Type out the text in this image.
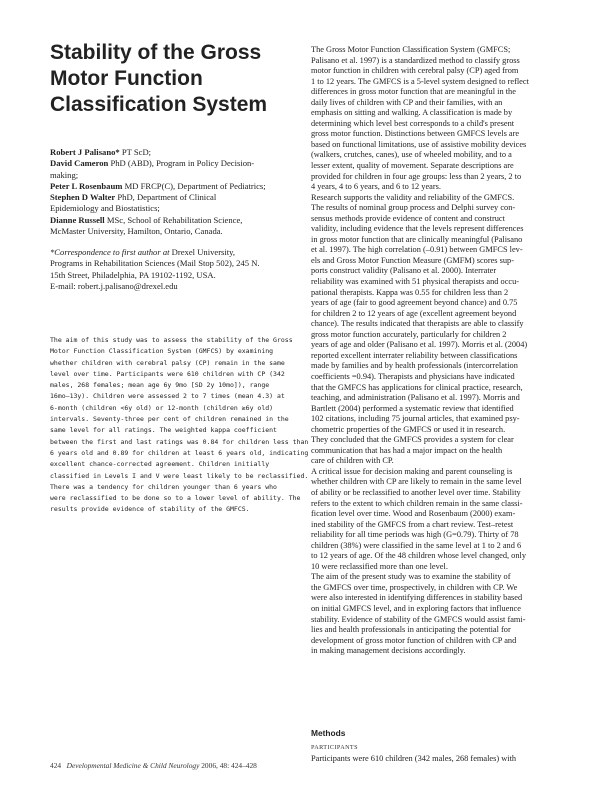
Stability of the Gross
Motor Function
Classification System
Robert J Palisano* PT ScD;
David Cameron PhD (ABD), Program in Policy Decision-
making;
Peter L Rosenbaum MD FRCP(C), Department of Pediatrics;
Stephen D Walter PhD, Department of Clinical
Epidemiology and Biostatistics;
Dianne Russell MSc, School of Rehabilitation Science,
McMaster University, Hamilton, Ontario, Canada.
*Correspondence to first author at Drexel University,
Programs in Rehabilitation Sciences (Mail Stop 502), 245 N.
15th Street, Philadelphia, PA 19102-1192, USA.
E-mail: robert.j.palisano@drexel.edu
The aim of this study was to assess the stability of the Gross
Motor Function Classification System (GMFCS) by examining
whether children with cerebral palsy (CP) remain in the same
level over time. Participants were 610 children with CP (342
males, 268 females; mean age 6y 9mo [SD 2y 10mo]), range
16mo–13y). Children were assessed 2 to 7 times (mean 4.3) at
6-month (children <6y old) or 12-month (children ≥6y old)
intervals. Seventy-three per cent of children remained in the
same level for all ratings. The weighted kappa coefficient
between the first and last ratings was 0.84 for children less than
6 years old and 0.89 for children at least 6 years old, indicating
excellent chance-corrected agreement. Children initially
classified in Levels I and V were least likely to be reclassified.
There was a tendency for children younger than 6 years who
were reclassified to be done so to a lower level of ability. The
results provide evidence of stability of the GMFCS.
The Gross Motor Function Classification System (GMFCS;
Palisano et al. 1997) is a standardized method to classify gross
motor function in children with cerebral palsy (CP) aged from
1 to 12 years. The GMFCS is a 5-level system designed to reflect
differences in gross motor function that are meaningful in the
daily lives of children with CP and their families, with an
emphasis on sitting and walking. A classification is made by
determining which level best corresponds to a child's present
gross motor function. Distinctions between GMFCS levels are
based on functional limitations, use of assistive mobility devices
(walkers, crutches, canes), use of wheeled mobility, and to a
lesser extent, quality of movement. Separate descriptions are
provided for children in four age groups: less than 2 years, 2 to
4 years, 4 to 6 years, and 6 to 12 years.
Research supports the validity and reliability of the GMFCS.
The results of nominal group process and Delphi survey con-
sensus methods provide evidence of content and construct
validity, including evidence that the levels represent differences
in gross motor function that are clinically meaningful (Palisano
et al. 1997). The high correlation (–0.91) between GMFCS lev-
els and Gross Motor Function Measure (GMFM) scores sup-
ports construct validity (Palisano et al. 2000). Interrater
reliability was examined with 51 physical therapists and occu-
pational therapists. Kappa was 0.55 for children less than 2
years of age (fair to good agreement beyond chance) and 0.75
for children 2 to 12 years of age (excellent agreement beyond
chance). The results indicated that therapists are able to classify
gross motor function accurately, particularly for children 2
years of age and older (Palisano et al. 1997). Morris et al. (2004)
reported excellent interrater reliability between classifications
made by families and by health professionals (intercorrelation
coefficients =0.94). Therapists and physicians have indicated
that the GMFCS has applications for clinical practice, research,
teaching, and administration (Palisano et al. 1997). Morris and
Bartlett (2004) performed a systematic review that identified
102 citations, including 75 journal articles, that examined psy-
chometric properties of the GMFCS or used it in research.
They concluded that the GMFCS provides a system for clear
communication that has had a major impact on the health
care of children with CP.
A critical issue for decision making and parent counseling is
whether children with CP are likely to remain in the same level
of ability or be reclassified to another level over time. Stability
refers to the extent to which children remain in the same classi-
fication level over time. Wood and Rosenbaum (2000) exam-
ined stability of the GMFCS from a chart review. Test–retest
reliability for all time periods was high (G=0.79). Thirty of 78
children (38%) were classified in the same level at 1 to 2 and 6
to 12 years of age. Of the 48 children whose level changed, only
10 were reclassified more than one level.
The aim of the present study was to examine the stability of
the GMFCS over time, prospectively, in children with CP. We
were also interested in identifying differences in stability based
on initial GMFCS level, and in exploring factors that influence
stability. Evidence of stability of the GMFCS would assist fami-
lies and health professionals in anticipating the potential for
development of gross motor function of children with CP and
in making management decisions accordingly.
Methods
PARTICIPANTS
Participants were 610 children (342 males, 268 females) with
424 Developmental Medicine & Child Neurology 2006, 48: 424–428
